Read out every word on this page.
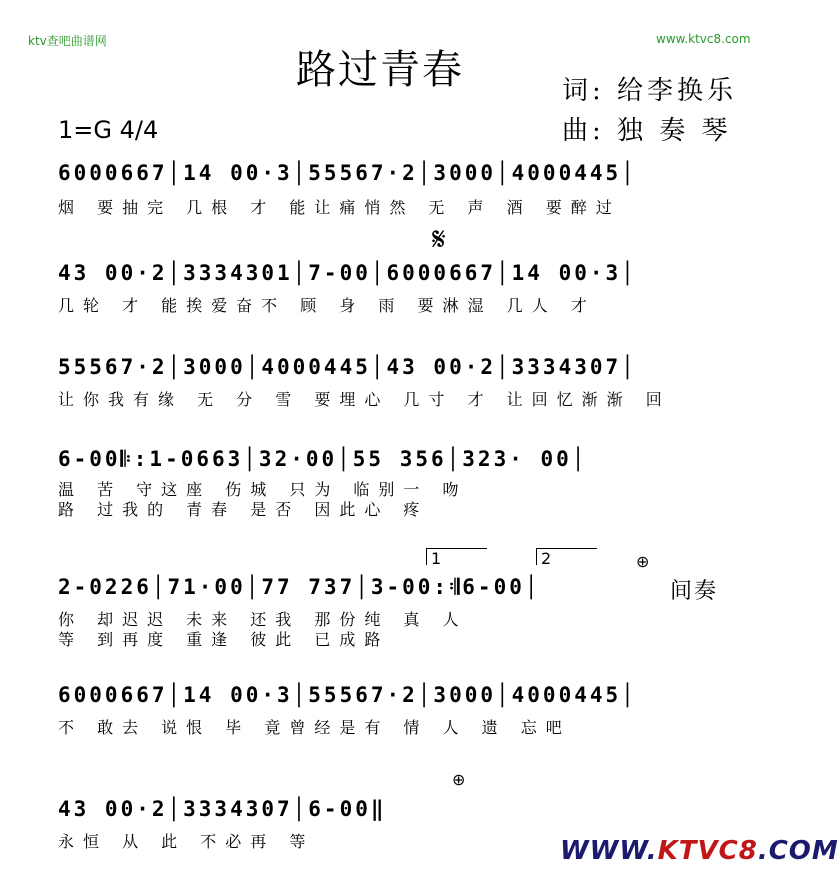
ktv查吧曲谱网	www.ktvc8.com
路过青春	词: 给李换乐
曲: 独 奏 琴
1=G 4/4
𝄋
6000667│14 00·3│55567·2│3000│4000445│
烟 要抽完 几根 才 能让痛悄然 无 声 酒 要醉过
43 00·2│3334301│7-00│6000667│14 00·3│
几轮 才 能挨爱奋不 顾 身 雨 要淋湿 几人 才
55567·2│3000│4000445│43 00·2│3334307│
让你我有缘 无 分 雪 要埋心 几寸 才 让回忆渐渐 回
6-00𝄆:1-0663│32·00│55 356│323· 00│
温 苦 守这座 伤城 只为 临别一 吻
路 过我的 青春 是否 因此心 疼
1	2	⊕
2-0226│71·00│77 737│3-00:𝄇6-00│
你 却迟迟 未来 还我 那份纯 真 人
等 到再度 重逢 彼此 已成路
间奏
6000667│14 00·3│55567·2│3000│4000445│
不 敢去 说恨 毕 竟曾经是有 情 人 遗 忘吧
⊕
43 00·2│3334307│6-00‖
永恒 从 此 不必再 等	WWW.KTVC8.COM
